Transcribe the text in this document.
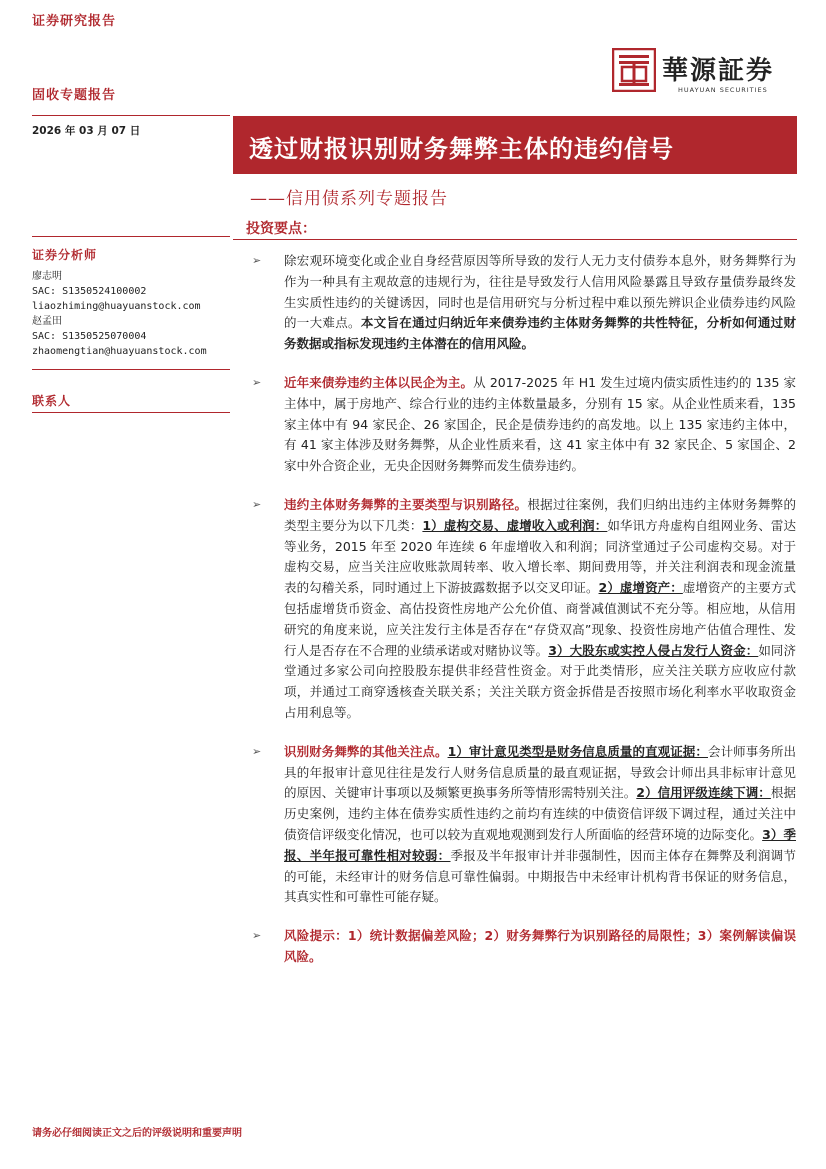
证券研究报告
華源証券
HUAYUAN SECURITIES
固收专题报告
2026 年 03 月 07 日
透过财报识别财务舞弊主体的违约信号
——信用债系列专题报告
投资要点：
证券分析师
廖志明
SAC: S1350524100002
liaozhiming@huayuanstock.com
赵孟田
SAC: S1350525070004
zhaomengtian@huayuanstock.com
联系人
➢ 除宏观环境变化或企业自身经营原因等所导致的发行人无力支付债券本息外，财务舞弊行为作为一种具有主观故意的违规行为，往往是导致发行人信用风险暴露且导致存量债券最终发生实质性违约的关键诱因，同时也是信用研究与分析过程中难以预先辨识企业债券违约风险的一大难点。本文旨在通过归纳近年来债券违约主体财务舞弊的共性特征，分析如何通过财务数据或指标发现违约主体潜在的信用风险。
➢ 近年来债券违约主体以民企为主。从 2017-2025 年 H1 发生过境内债实质性违约的 135 家主体中，属于房地产、综合行业的违约主体数量最多，分别有 15 家。从企业性质来看，135 家主体中有 94 家民企、26 家国企，民企是债券违约的高发地。以上 135 家违约主体中，有 41 家主体涉及财务舞弊，从企业性质来看，这 41 家主体中有 32 家民企、5 家国企、2 家中外合资企业，无央企因财务舞弊而发生债券违约。
➢ 违约主体财务舞弊的主要类型与识别路径。根据过往案例，我们归纳出违约主体财务舞弊的类型主要分为以下几类：1）虚构交易、虚增收入或利润：如华讯方舟虚构自组网业务、雷达等业务，2015 年至 2020 年连续 6 年虚增收入和利润；同济堂通过子公司虚构交易。对于虚构交易，应当关注应收账款周转率、收入增长率、期间费用等，并关注利润表和现金流量表的勾稽关系，同时通过上下游披露数据予以交叉印证。2）虚增资产：虚增资产的主要方式包括虚增货币资金、高估投资性房地产公允价值、商誉减值测试不充分等。相应地，从信用研究的角度来说，应关注发行主体是否存在“存贷双高”现象、投资性房地产估值合理性、发行人是否存在不合理的业绩承诺或对赌协议等。3）大股东或实控人侵占发行人资金：如同济堂通过多家公司向控股股东提供非经营性资金。对于此类情形，应关注关联方应收应付款项，并通过工商穿透核查关联关系；关注关联方资金拆借是否按照市场化利率水平收取资金占用利息等。
➢ 识别财务舞弊的其他关注点。1）审计意见类型是财务信息质量的直观证据：会计师事务所出具的年报审计意见往往是发行人财务信息质量的最直观证据，导致会计师出具非标审计意见的原因、关键审计事项以及频繁更换事务所等情形需特别关注。2）信用评级连续下调：根据历史案例，违约主体在债券实质性违约之前均有连续的中债资信评级下调过程，通过关注中债资信评级变化情况，也可以较为直观地观测到发行人所面临的经营环境的边际变化。3）季报、半年报可靠性相对较弱：季报及半年报审计并非强制性，因而主体存在舞弊及利润调节的可能，未经审计的财务信息可靠性偏弱。中期报告中未经审计机构背书保证的财务信息，其真实性和可靠性可能存疑。
➢ 风险提示：1）统计数据偏差风险；2）财务舞弊行为识别路径的局限性；3）案例解读偏误风险。
请务必仔细阅读正文之后的评级说明和重要声明
